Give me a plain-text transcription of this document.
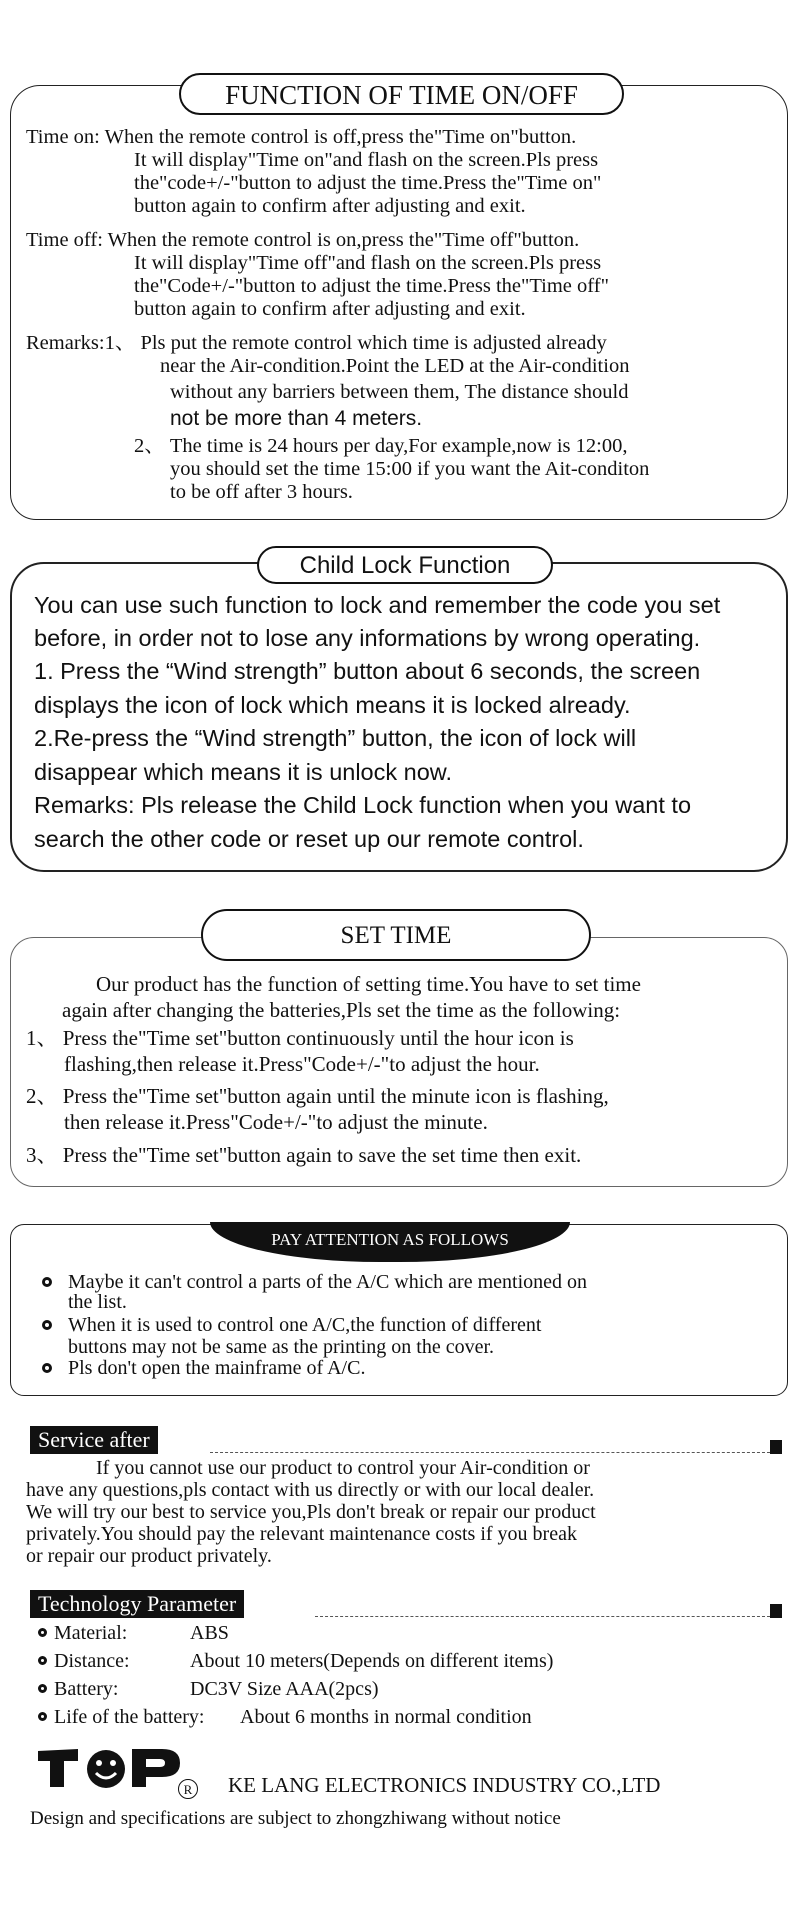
FUNCTION OF TIME ON/OFF
Time on: When the remote control is off,press the"Time on"button.
It will display"Time on"and flash on the screen.Pls press
the"code+/-"button to adjust the time.Press the"Time on"
button again to confirm after adjusting and exit.
Time off: When the remote control is on,press the"Time off"button.
It will display"Time off"and flash on the screen.Pls press
the"Code+/-"button to adjust the time.Press the"Time off"
button again to confirm after adjusting and exit.
Remarks:1、 Pls put the remote control which time is adjusted already
near the Air-condition.Point the LED at the Air-condition
without any barriers between them, The distance should
not be more than 4 meters.
2、 The time is 24 hours per day,For example,now is 12:00,
you should set the time 15:00 if you want the Ait-conditon
to be off after 3 hours.
Child Lock Function
You can use such function to lock and remember the code you set
before, in order not to lose any informations by wrong operating.
1. Press the “Wind strength” button about 6 seconds, the screen
displays the icon of lock which means it is locked already.
2.Re-press the “Wind strength” button, the icon of lock will
disappear which means it is unlock now.
Remarks: Pls release the Child Lock function when you want to
search the other code or reset up our remote control.
SET TIME
Our product has the function of setting time.You have to set time
again after changing the batteries,Pls set the time as the following:
1、 Press the"Time set"button continuously until the hour icon is
flashing,then release it.Press"Code+/-"to adjust the hour.
2、 Press the"Time set"button again until the minute icon is flashing,
then release it.Press"Code+/-"to adjust the minute.
3、 Press the"Time set"button again to save the set time then exit.
PAY ATTENTION AS FOLLOWS
Maybe it can't control a parts of the A/C which are mentioned on
the list.
When it is used to control one A/C,the function of different
buttons may not be same as the printing on the cover.
Pls don't open the mainframe of A/C.
Service after
If you cannot use our product to control your Air-condition or
have any questions,pls contact with us directly or with our local dealer.
We will try our best to service you,Pls don't break or repair our product
privately.You should pay the relevant maintenance costs if you break
or repair our product privately.
Technology Parameter
Material:	ABS
Distance:	About 10 meters(Depends on different items)
Battery:	DC3V Size AAA(2pcs)
Life of the battery: About 6 months in normal condition
R KE LANG ELECTRONICS INDUSTRY CO.,LTD
Design and specifications are subject to zhongzhiwang without notice
